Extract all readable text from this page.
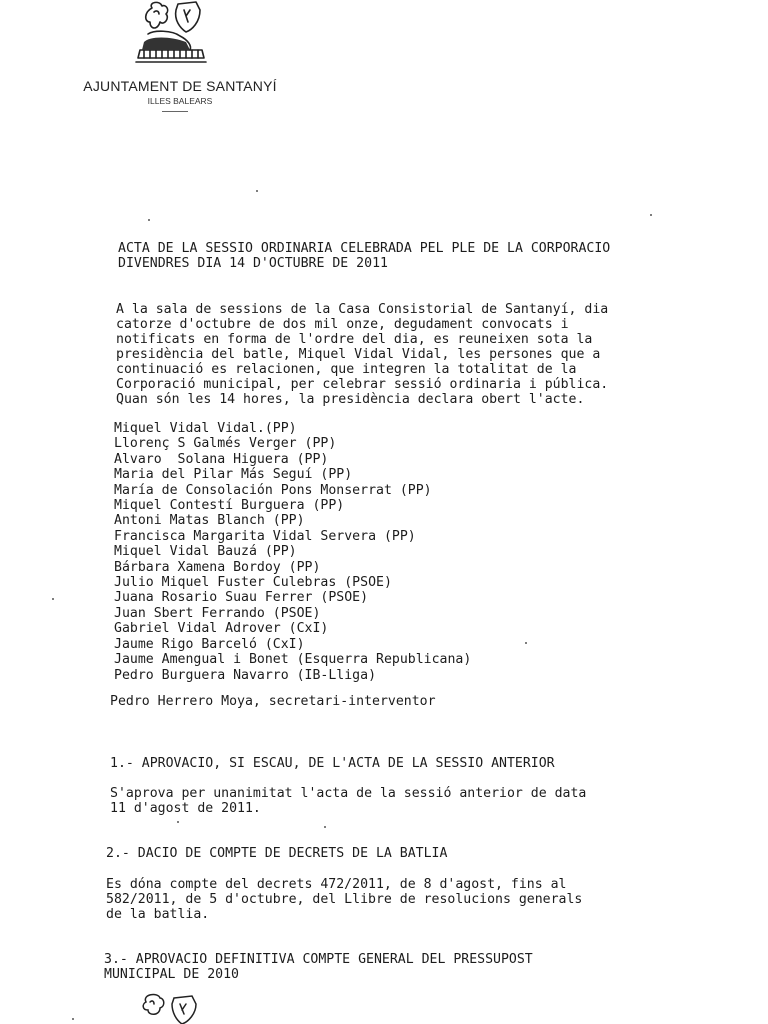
AJUNTAMENT DE SANTANYÍ
ILLES BALEARS
ACTA DE LA SESSIO ORDINARIA CELEBRADA PEL PLE DE LA CORPORACIO
DIVENDRES DIA 14 D'OCTUBRE DE 2011
A la sala de sessions de la Casa Consistorial de Santanyí, dia
catorze d'octubre de dos mil onze, degudament convocats i
notificats en forma de l'ordre del dia, es reuneixen sota la
presidència del batle, Miquel Vidal Vidal, les persones que a
continuació es relacionen, que integren la totalitat de la
Corporació municipal, per celebrar sessió ordinaria i pública.
Quan són les 14 hores, la presidència declara obert l'acte.
Miquel Vidal Vidal.(PP)
Llorenç S Galmés Verger (PP)
Alvaro  Solana Higuera (PP)
Maria del Pilar Más Seguí (PP)
María de Consolación Pons Monserrat (PP)
Miquel Contestí Burguera (PP)
Antoni Matas Blanch (PP)
Francisca Margarita Vidal Servera (PP)
Miquel Vidal Bauzá (PP)
Bárbara Xamena Bordoy (PP)
Julio Miquel Fuster Culebras (PSOE)
Juana Rosario Suau Ferrer (PSOE)
Juan Sbert Ferrando (PSOE)
Gabriel Vidal Adrover (CxI)
Jaume Rigo Barceló (CxI)
Jaume Amengual i Bonet (Esquerra Republicana)
Pedro Burguera Navarro (IB-Lliga)
Pedro Herrero Moya, secretari-interventor
1.- APROVACIO, SI ESCAU, DE L'ACTA DE LA SESSIO ANTERIOR
S'aprova per unanimitat l'acta de la sessió anterior de data
11 d'agost de 2011.
2.- DACIO DE COMPTE DE DECRETS DE LA BATLIA
Es dóna compte del decrets 472/2011, de 8 d'agost, fins al
582/2011, de 5 d'octubre, del Llibre de resolucions generals
de la batlia.
3.- APROVACIO DEFINITIVA COMPTE GENERAL DEL PRESSUPOST
MUNICIPAL DE 2010
